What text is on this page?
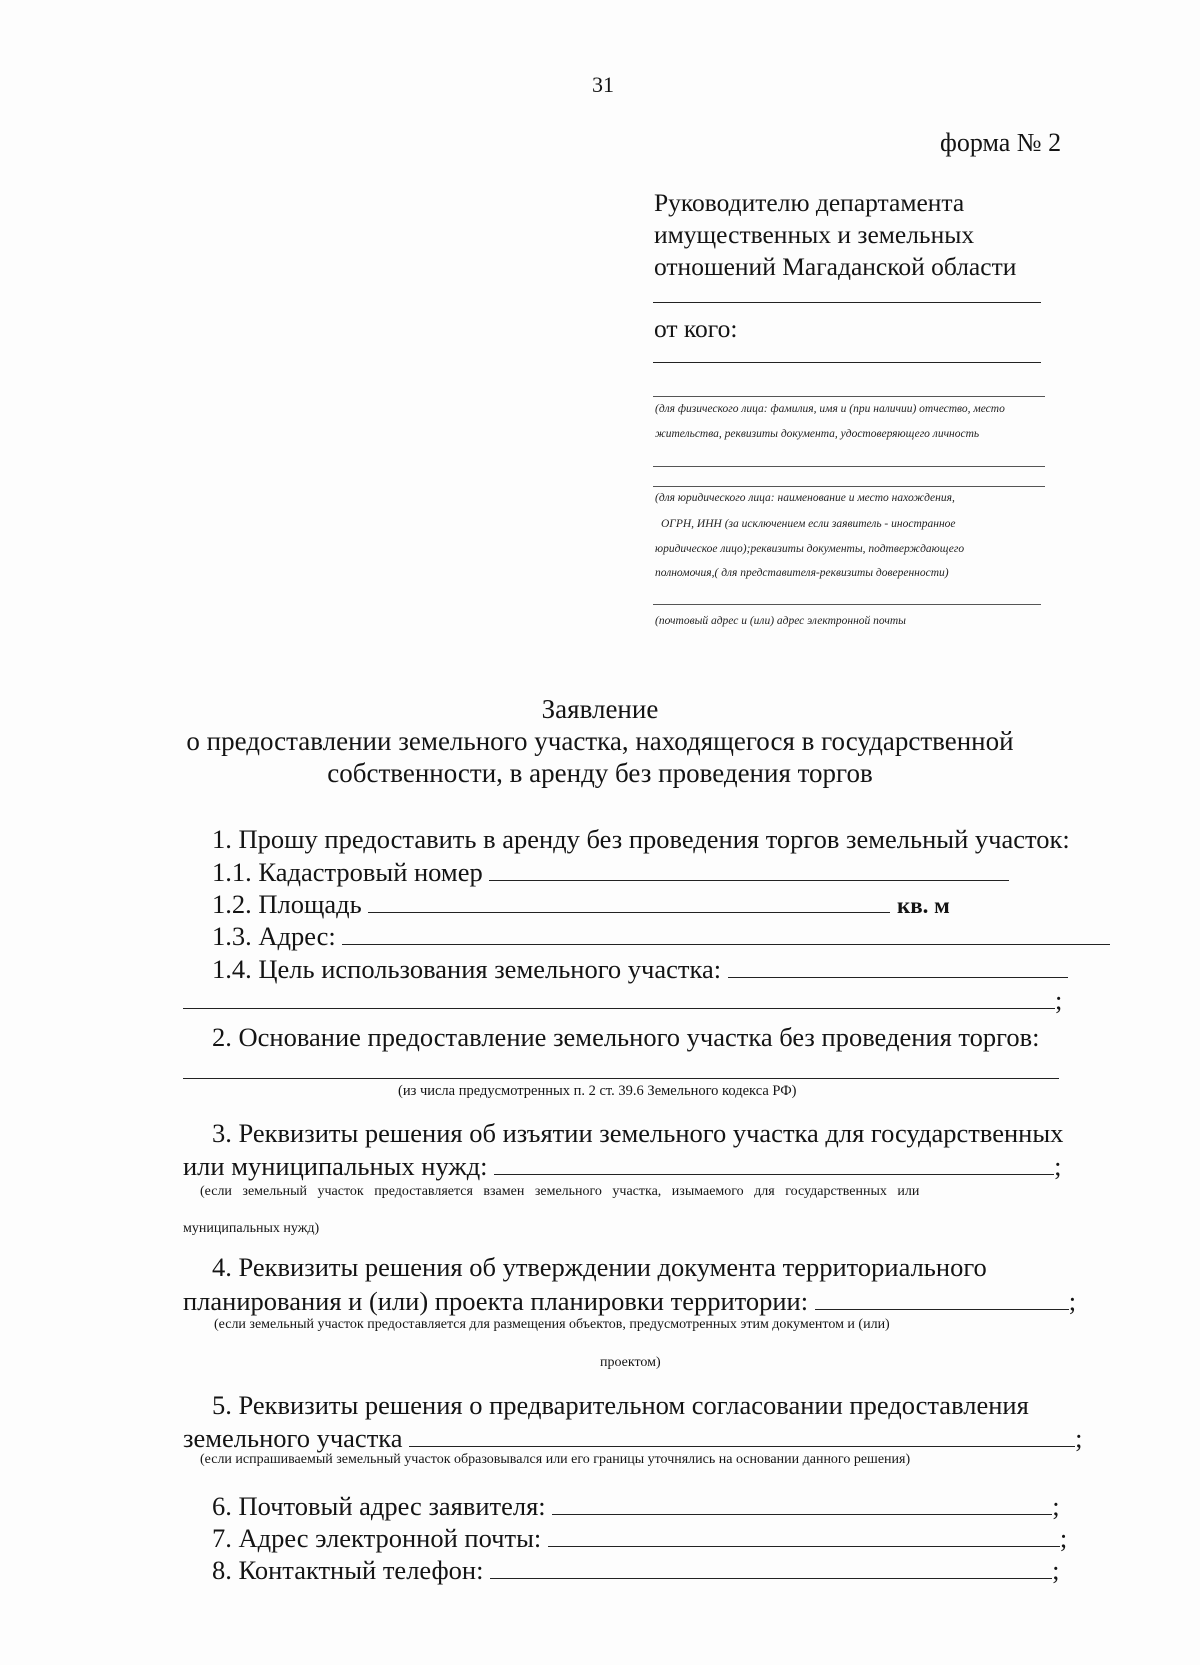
31
форма № 2
Руководителю департамента
имущественных и земельных
отношений Магаданской области
от кого:
(для физического лица: фамилия, имя и (при наличии) отчество, место
жительства, реквизиты документа, удостоверяющего личность
(для юридического лица: наименование и место нахождения,
ОГРН, ИНН (за исключением если заявитель - иностранное
юридическое лицо);реквизиты документы, подтверждающего
полномочия,( для представителя-реквизиты доверенности)
(почтовый адрес и (или) адрес электронной почты
Заявление
о предоставлении земельного участка, находящегося в государственной
собственности, в аренду без проведения торгов
1. Прошу предоставить в аренду без проведения торгов земельный участок:
1.1. Кадастровый номер
1.2. Площадь	кв. м
1.3. Адрес:
1.4. Цель использования земельного участка:
;
2. Основание предоставление земельного участка без проведения торгов:
(из числа предусмотренных п. 2 ст. 39.6 Земельного кодекса РФ)
3. Реквизиты решения об изъятии земельного участка для государственных
или муниципальных нужд:	;
(если земельный участок предоставляется взамен земельного участка, изымаемого для государственных или
муниципальных нужд)
4. Реквизиты решения об утверждении документа территориального
планирования и (или) проекта планировки территории:	;
(если земельный участок предоставляется для размещения объектов, предусмотренных этим документом и (или)
проектом)
5. Реквизиты решения о предварительном согласовании предоставления
земельного участка	;
(если испрашиваемый земельный участок образовывался или его границы уточнялись на основании данного решения)
6. Почтовый адрес заявителя:	;
7. Адрес электронной почты:	;
8. Контактный телефон:	;
